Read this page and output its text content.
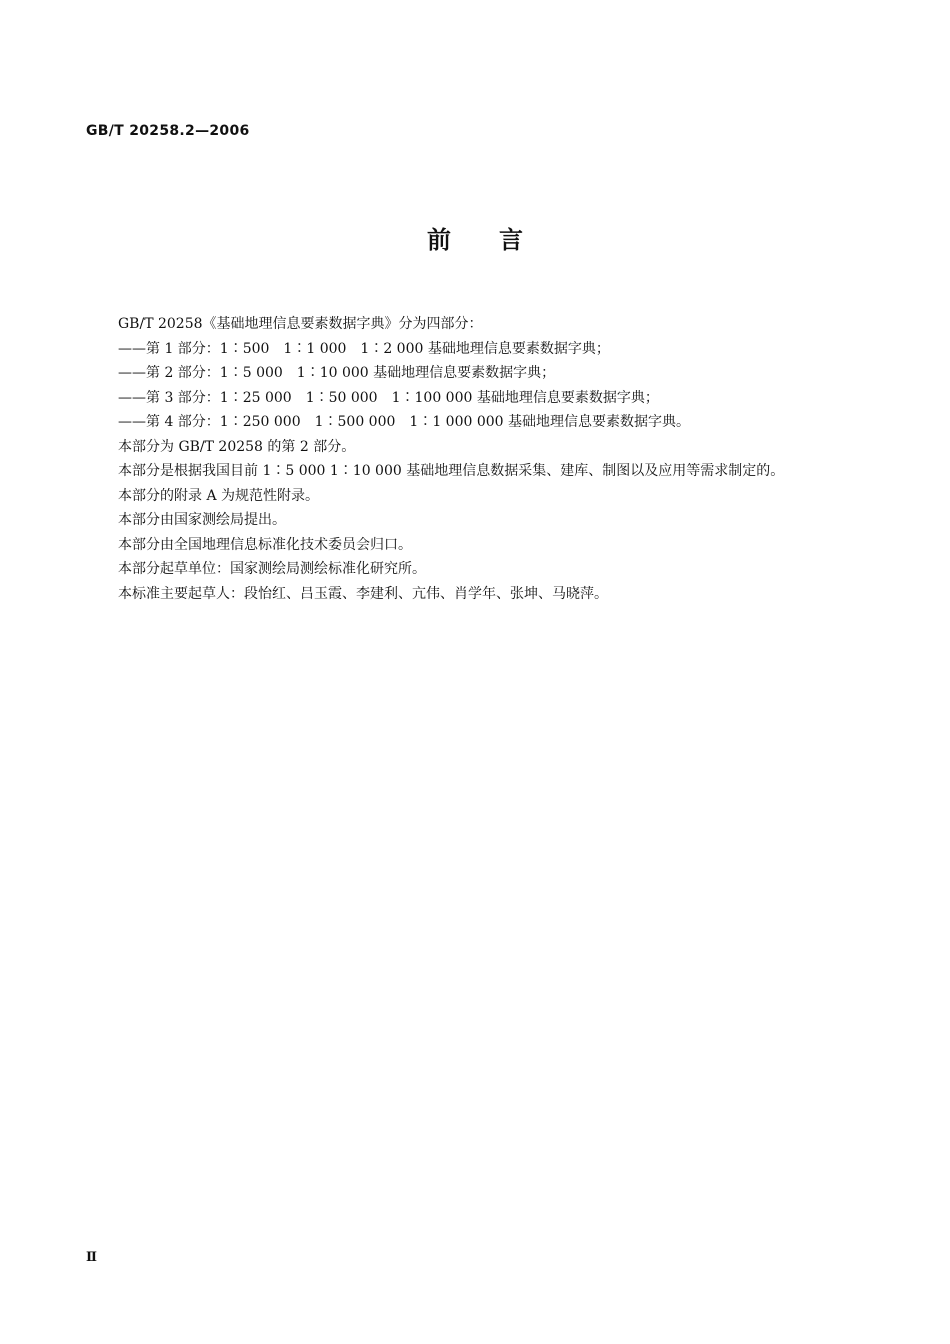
GB/T 20258.2—2006
前言

GB/T 20258《基础地理信息要素数据字典》分为四部分：

——第 1 部分：1∶500　1∶1 000　1∶2 000 基础地理信息要素数据字典；

——第 2 部分：1∶5 000　1∶10 000 基础地理信息要素数据字典；

——第 3 部分：1∶25 000　1∶50 000　1∶100 000 基础地理信息要素数据字典；

——第 4 部分：1∶250 000　1∶500 000　1∶1 000 000 基础地理信息要素数据字典。

本部分为 GB/T 20258 的第 2 部分。

本部分是根据我国目前 1∶5 000 1∶10 000 基础地理信息数据采集、建库、制图以及应用等需求制定的。

本部分的附录 A 为规范性附录。

本部分由国家测绘局提出。

本部分由全国地理信息标准化技术委员会归口。

本部分起草单位：国家测绘局测绘标准化研究所。

本标准主要起草人：段怡红、吕玉霞、李建利、亢伟、肖学年、张坤、马晓萍。

Ⅱ
